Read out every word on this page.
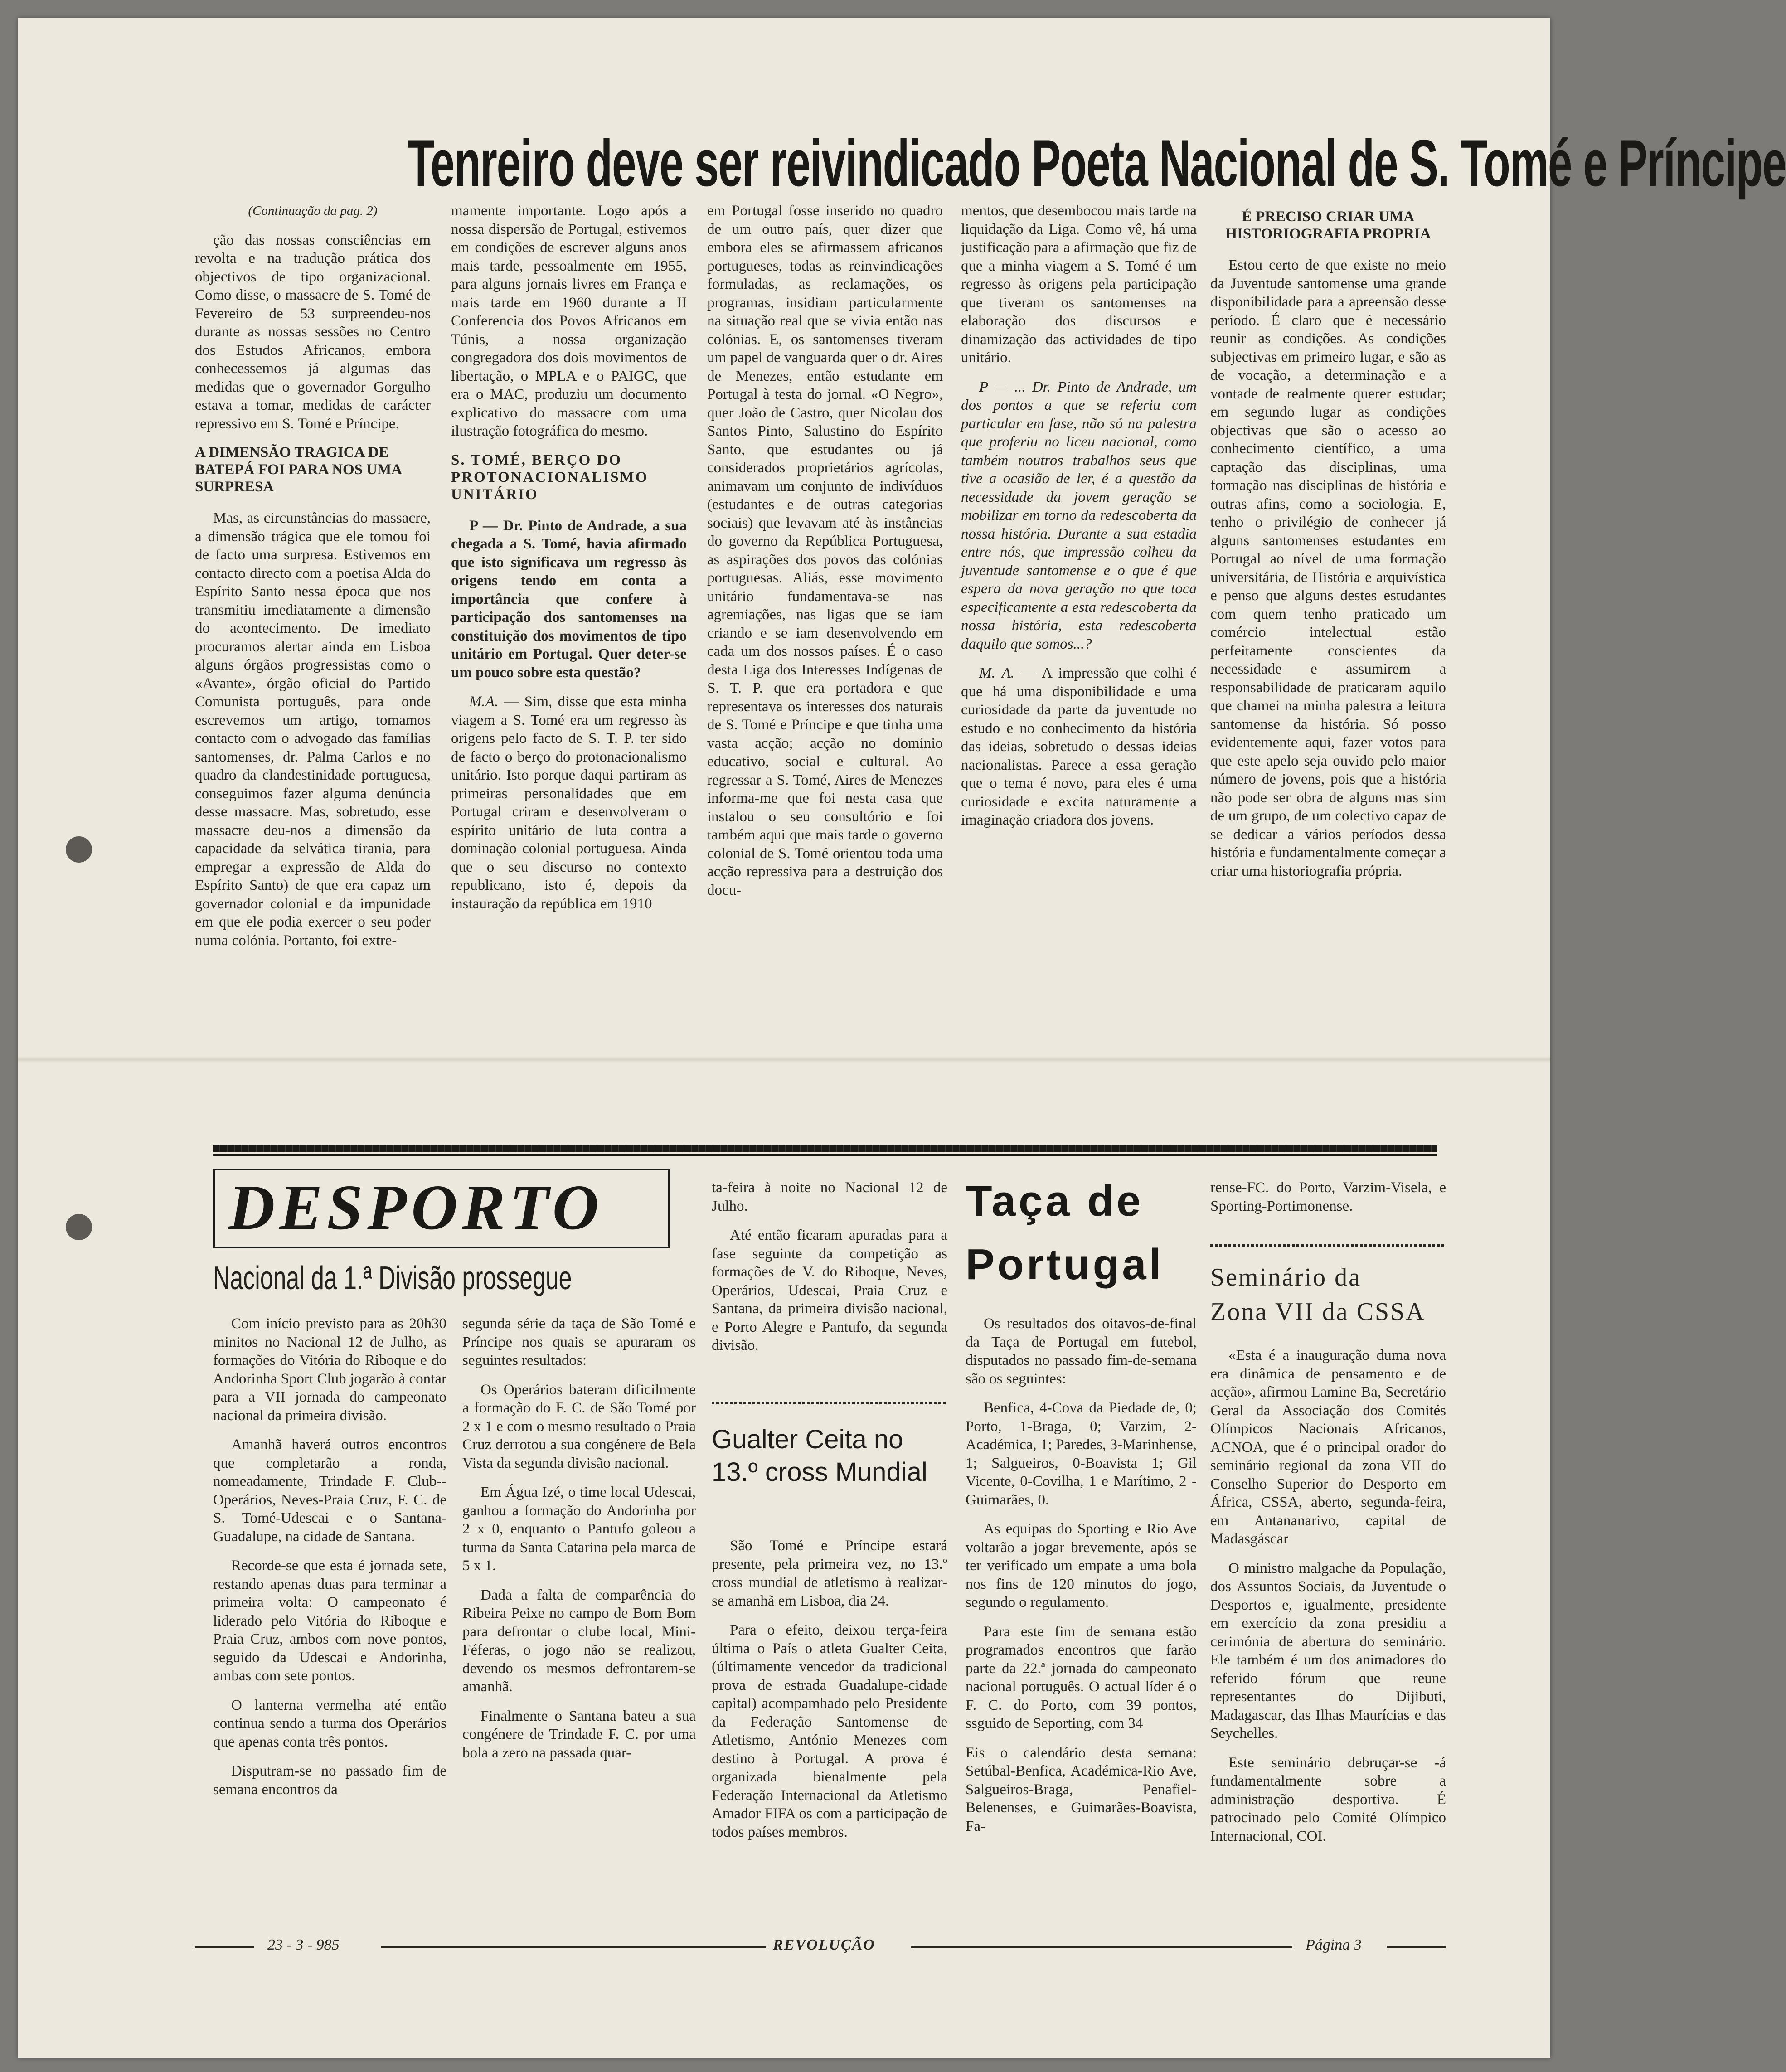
Tenreiro deve ser reivindicado Poeta Nacional de S. Tomé e Príncipe

(Continuação da pag. 2)

ção das nossas consciências em revolta e na tradução prática dos objectivos de tipo organizacional. Como disse, o massacre de S. Tomé de Fevereiro de 53 surpreendeu-nos durante as nossas sessões no Centro dos Estudos Africanos, embora conhecessemos já algumas das medidas que o governador Gorgulho estava a tomar, medidas de carácter repressivo em S. Tomé e Príncipe.

A DIMENSÃO TRAGICA DE BATEPÁ FOI PARA NOS UMA SURPRESA

Mas, as circunstâncias do massacre, a dimensão trágica que ele tomou foi de facto uma surpresa. Estivemos em contacto directo com a poetisa Alda do Espírito Santo nessa época que nos transmitiu imediatamente a dimensão do acontecimento. De imediato procuramos alertar ainda em Lisboa alguns órgãos progressistas como o «Avante», órgão oficial do Partido Comunista português, para onde escrevemos um artigo, tomamos contacto com o advogado das famílias santomenses, dr. Palma Carlos e no quadro da clandestinidade portuguesa, conseguimos fazer alguma denúncia desse massacre. Mas, sobretudo, esse massacre deu-nos a dimensão da capacidade da selvática tirania, para empregar a expressão de Alda do Espírito Santo) de que era capaz um governador colonial e da impunidade em que ele podia exercer o seu poder numa colónia. Portanto, foi extre-

mamente importante. Logo após a nossa dispersão de Portugal, estivemos em condições de escrever alguns anos mais tarde, pessoalmente em 1955, para alguns jornais livres em França e mais tarde em 1960 durante a II Conferencia dos Povos Africanos em Túnis, a nossa organização congregadora dos dois movimentos de libertação, o MPLA e o PAIGC, que era o MAC, produziu um documento explicativo do massacre com uma ilustração fotográfica do mesmo.

S. TOMÉ, BERÇO DO PROTONACIONALISMO UNITÁRIO

P — Dr. Pinto de Andrade, a sua chegada a S. Tomé, havia afirmado que isto significava um regresso às origens tendo em conta a importância que confere à participação dos santomenses na constituição dos movimentos de tipo unitário em Portugal. Quer deter-se um pouco sobre esta questão?

M.A. — Sim, disse que esta minha viagem a S. Tomé era um regresso às origens pelo facto de S. T. P. ter sido de facto o berço do protonacionalismo unitário. Isto porque daqui partiram as primeiras personalidades que em Portugal criram e desenvolveram o espírito unitário de luta contra a dominação colonial portuguesa. Ainda que o seu discurso no contexto republicano, isto é, depois da instauração da república em 1910

em Portugal fosse inserido no quadro de um outro país, quer dizer que embora eles se afirmassem africanos portugueses, todas as reinvindicações formuladas, as reclamações, os programas, insidiam particularmente na situação real que se vivia então nas colónias. E, os santomenses tiveram um papel de vanguarda quer o dr. Aires de Menezes, então estudante em Portugal à testa do jornal. «O Negro», quer João de Castro, quer Nicolau dos Santos Pinto, Salustino do Espírito Santo, que estudantes ou já considerados proprietários agrícolas, animavam um conjunto de indivíduos (estudantes e de outras categorias sociais) que levavam até às instâncias do governo da República Portuguesa, as aspirações dos povos das colónias portuguesas. Aliás, esse movimento unitário fundamentava-se nas agremiações, nas ligas que se iam criando e se iam desenvolvendo em cada um dos nossos países. É o caso desta Liga dos Interesses Indígenas de S. T. P. que era portadora e que representava os interesses dos naturais de S. Tomé e Príncipe e que tinha uma vasta acção; acção no domínio educativo, social e cultural. Ao regressar a S. Tomé, Aires de Menezes informa-me que foi nesta casa que instalou o seu consultório e foi também aqui que mais tarde o governo colonial de S. Tomé orientou toda uma acção repressiva para a destruição dos docu-

mentos, que desembocou mais tarde na liquidação da Liga. Como vê, há uma justificação para a afirmação que fiz de que a minha viagem a S. Tomé é um regresso às origens pela participação que tiveram os santomenses na elaboração dos discursos e dinamização das actividades de tipo unitário.

P — ... Dr. Pinto de Andrade, um dos pontos a que se referiu com particular em fase, não só na palestra que proferiu no liceu nacional, como também noutros trabalhos seus que tive a ocasião de ler, é a questão da necessidade da jovem geração se mobilizar em torno da redescoberta da nossa história. Durante a sua estadia entre nós, que impressão colheu da juventude santomense e o que é que espera da nova geração no que toca especificamente a esta redescoberta da nossa história, esta redescoberta daquilo que somos...?

M. A. — A impressão que colhi é que há uma disponibilidade e uma curiosidade da parte da juventude no estudo e no conhecimento da história das ideias, sobretudo o dessas ideias nacionalistas. Parece a essa geração que o tema é novo, para eles é uma curiosidade e excita naturamente a imaginação criadora dos jovens.

É PRECISO CRIAR UMA HISTORIOGRAFIA PROPRIA

Estou certo de que existe no meio da Juventude santomense uma grande disponibilidade para a apreensão desse período. É claro que é necessário reunir as condições. As condições subjectivas em primeiro lugar, e são as de vocação, a determinação e a vontade de realmente querer estudar; em segundo lugar as condições objectivas que são o acesso ao conhecimento científico, a uma captação das disciplinas, uma formação nas disciplinas de história e outras afins, como a sociologia. E, tenho o privilégio de conhecer já alguns santomenses estudantes em Portugal ao nível de uma formação universitária, de História e arquivística e penso que alguns destes estudantes com quem tenho praticado um comércio intelectual estão perfeitamente conscientes da necessidade e assumirem a responsabilidade de praticaram aquilo que chamei na minha palestra a leitura santomense da história. Só posso evidentemente aqui, fazer votos para que este apelo seja ouvido pelo maior número de jovens, pois que a história não pode ser obra de alguns mas sim de um grupo, de um colectivo capaz de se dedicar a vários períodos dessa história e fundamentalmente começar a criar uma historiografia própria.

DESPORTO
Nacional da 1.ª Divisão prossegue

Com início previsto para as 20h30 minitos no Nacional 12 de Julho, as formações do Vitória do Riboque e do Andorinha Sport Club jogarão à contar para a VII jornada do campeonato nacional da primeira divisão.

Amanhã haverá outros encontros que completarão a ronda, nomeadamente, Trindade F. Club--Operários, Neves-Praia Cruz, F. C. de S. Tomé-Udescai e o Santana-Guadalupe, na cidade de Santana.

Recorde-se que esta é jornada sete, restando apenas duas para terminar a primeira volta: O campeonato é liderado pelo Vitória do Riboque e Praia Cruz, ambos com nove pontos, seguido da Udescai e Andorinha, ambas com sete pontos.

O lanterna vermelha até então continua sendo a turma dos Operários que apenas conta três pontos.

Disputram-se no passado fim de semana encontros da

segunda série da taça de São Tomé e Príncipe nos quais se apuraram os seguintes resultados:

Os Operários bateram dificilmente a formação do F. C. de São Tomé por 2 x 1 e com o mesmo resultado o Praia Cruz derrotou a sua congénere de Bela Vista da segunda divisão nacional.

Em Água Izé, o time local Udescai, ganhou a formação do Andorinha por 2 x 0, enquanto o Pantufo goleou a turma da Santa Catarina pela marca de 5 x 1.

Dada a falta de comparência do Ribeira Peixe no campo de Bom Bom para defrontar o clube local, Mini-Féferas, o jogo não se realizou, devendo os mesmos defrontarem-se amanhã.

Finalmente o Santana bateu a sua congénere de Trindade F. C. por uma bola a zero na passada quar-

ta-feira à noite no Nacional 12 de Julho.

Até então ficaram apuradas para a fase seguinte da competição as formações de V. do Riboque, Neves, Operários, Udescai, Praia Cruz e Santana, da primeira divisão nacional, e Porto Alegre e Pantufo, da segunda divisão.

Gualter Ceita no 13.º cross Mundial

São Tomé e Príncipe estará presente, pela primeira vez, no 13.º cross mundial de atletismo à realizar-se amanhã em Lisboa, dia 24.

Para o efeito, deixou terça-feira última o País o atleta Gualter Ceita, (últimamente vencedor da tradicional prova de estrada Guadalupe-cidade capital) acompamhado pelo Presidente da Federação Santomense de Atletismo, António Menezes com destino à Portugal. A prova é organizada bienalmente pela Federação Internacional da Atletismo Amador FIFA os com a participação de todos países membros.

Taça de
Portugal

Os resultados dos oitavos-de-final da Taça de Portugal em futebol, disputados no passado fim-de-semana são os seguintes:

Benfica, 4-Cova da Piedade de, 0; Porto, 1-Braga, 0; Varzim, 2-Académica, 1; Paredes, 3-Marinhense, 1; Salgueiros, 0-Boavista 1; Gil Vicente, 0-Covilha, 1 e Marítimo, 2 -Guimarães, 0.

As equipas do Sporting e Rio Ave voltarão a jogar brevemente, após se ter verificado um empate a uma bola nos fins de 120 minutos do jogo, segundo o regulamento.

Para este fim de semana estão programados encontros que farão parte da 22.ª jornada do campeonato nacional português. O actual líder é o F. C. do Porto, com 39 pontos, ssguido de Seporting, com 34

Eis o calendário desta semana: Setúbal-Benfica, Académica-Rio Ave, Salgueiros-Braga, Penafiel-Belenenses, e Guimarães-Boavista, Fa-

rense-FC. do Porto, Varzim-Visela, e Sporting-Portimonense.

Seminário da
Zona VII da CSSA

«Esta é a inauguração duma nova era dinâmica de pensamento e de acção», afirmou Lamine Ba, Secretário Geral da Associação dos Comités Olímpicos Nacionais Africanos, ACNOA, que é o principal orador do seminário regional da zona VII do Conselho Superior do Desporto em África, CSSA, aberto, segunda-feira, em Antananarivo, capital de Madasgáscar

O ministro malgache da População, dos Assuntos Sociais, da Juventude o Desportos e, igualmente, presidente em exercício da zona presidiu a cerimónia de abertura do seminário. Ele também é um dos animadores do referido fórum que reune representantes do Dijibuti, Madagascar, das Ilhas Maurícias e das Seychelles.

Este seminário debruçar-se -á fundamentalmente sobre a administração desportiva. É patrocinado pelo Comité Olímpico Internacional, COI.

23 - 3 - 985	REVOLUÇÃO	Página 3
